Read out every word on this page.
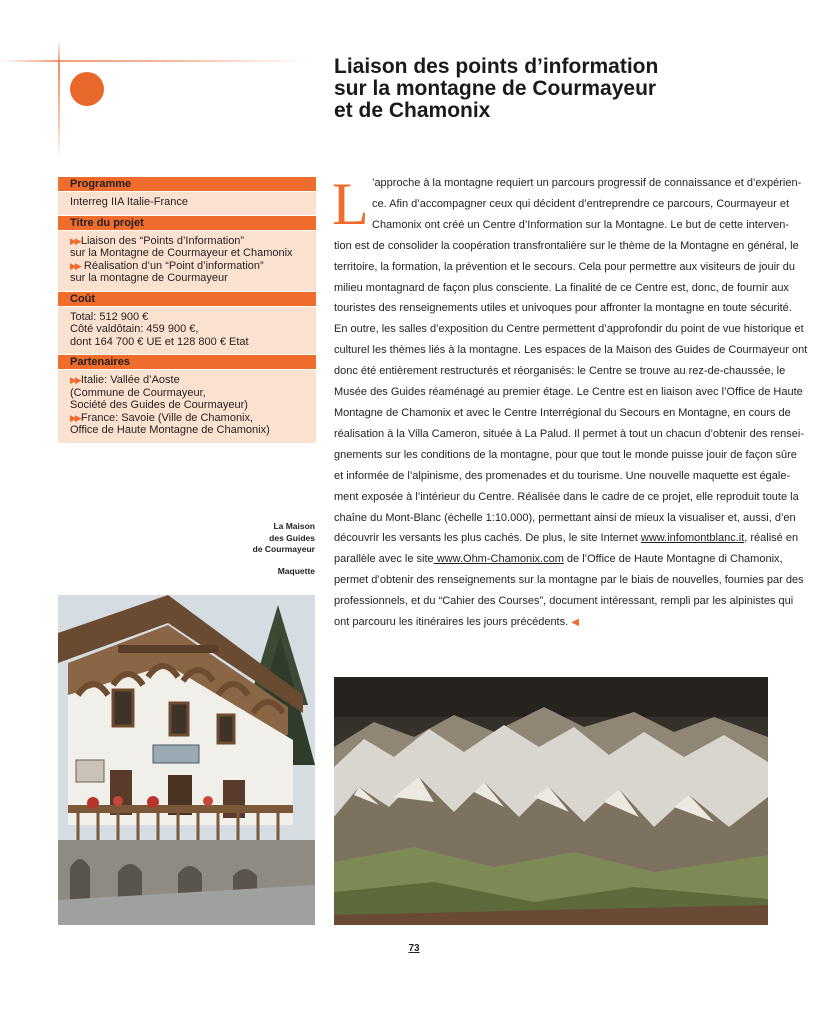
Liaison des points d’information
sur la montagne de Courmayeur
et de Chamonix
Programme
Interreg IIA Italie-France
Titre du projet
▶▶Liaison des “Points d’Information”
sur la Montagne de Courmayeur et Chamonix
▶▶ Réalisation d’un “Point d’information”
sur la montagne de Courmayeur
Coût
Total: 512 900 €
Côté valdôtain: 459 900 €,
dont 164 700 € UE et 128 800 € Etat
Partenaires
▶▶Italie: Vallée d’Aoste
(Commune de Courmayeur,
Société des Guides de Courmayeur)
▶▶France: Savoie (Ville de Chamonix,
Office de Haute Montagne de Chamonix)
La Maison
des Guides
de Courmayeur
Maquette
L ’approche à la montagne requiert un parcours progressif de connaissance et d’expérien-
ce. Afin d’accompagner ceux qui décident d’entreprendre ce parcours, Courmayeur et
Chamonix ont créé un Centre d’Information sur la Montagne. Le but de cette interven-
tion est de consolider la coopération transfrontalière sur le thème de la Montagne en général, le
territoire, la formation, la prévention et le secours. Cela pour permettre aux visiteurs de jouir du
milieu montagnard de façon plus consciente. La finalité de ce Centre est, donc, de fournir aux
touristes des renseignements utiles et univoques pour affronter la montagne en toute sécurité.
En outre, les salles d’exposition du Centre permettent d’approfondir du point de vue historique et
culturel les thèmes liés à la montagne. Les espaces de la Maison des Guides de Courmayeur ont
donc été entièrement restructurés et réorganisés: le Centre se trouve au rez-de-chaussée, le
Musée des Guides réaménagé au premier étage. Le Centre est en liaison avec l’Office de Haute
Montagne de Chamonix et avec le Centre Interrégional du Secours en Montagne, en cours de
réalisation à la Villa Cameron, située à La Palud. Il permet à tout un chacun d’obtenir des rensei-
gnements sur les conditions de la montagne, pour que tout le monde puisse jouir de façon sûre
et informée de l’alpinisme, des promenades et du tourisme. Une nouvelle maquette est égale-
ment exposée à l’intérieur du Centre. Réalisée dans le cadre de ce projet, elle reproduit toute la
chaîne du Mont-Blanc (échelle 1:10.000), permettant ainsi de mieux la visualiser et, aussi, d’en
découvrir les versants les plus cachés. De plus, le site Internet www.infomontblanc.it, réalisé en
parallèle avec le site www.Ohm-Chamonix.com de l’Office de Haute Montagne di Chamonix,
permet d’obtenir des renseignements sur la montagne par le biais de nouvelles, fournies par des
professionnels, et du “Cahier des Courses”, document intéressant, rempli par les alpinistes qui
ont parcouru les itinéraires les jours précédents. ◀
73
